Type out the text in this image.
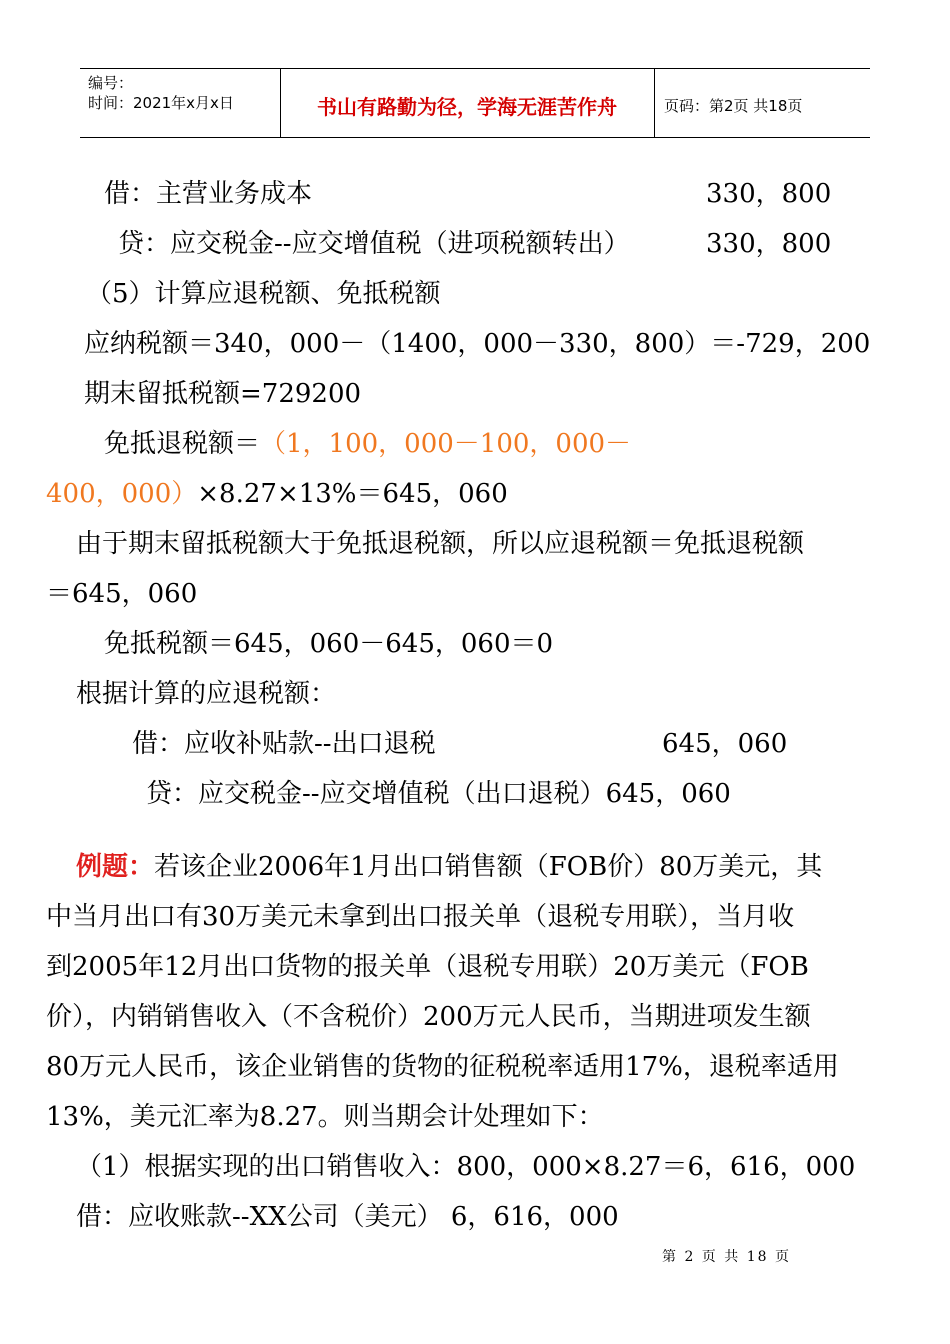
编号：
时间：2021年x月x日	书山有路勤为径，学海无涯苦作舟	页码：第2页 共18页
借：主营业务成本	330，800
贷：应交税金--应交增值税（进项税额转出）	330，800
（5）计算应退税额、免抵税额
应纳税额＝340，000－（1400，000－330，800）＝-729，200
期末留抵税额=729200
免抵退税额＝（1，100，000－100，000－
400，000）×8.27×13%＝645，060
由于期末留抵税额大于免抵退税额，所以应退税额＝免抵退税额
＝645，060
免抵税额＝645，060－645，060＝0
根据计算的应退税额：
借：应收补贴款--出口退税	645，060
贷：应交税金--应交增值税（出口退税）645，060
例题：若该企业2006年1月出口销售额（FOB价）80万美元，其
中当月出口有30万美元未拿到出口报关单（退税专用联），当月收
到2005年12月出口货物的报关单（退税专用联）20万美元（FOB
价），内销销售收入（不含税价）200万元人民币，当期进项发生额
80万元人民币，该企业销售的货物的征税税率适用17%，退税率适用
13%，美元汇率为8.27。则当期会计处理如下：
（1）根据实现的出口销售收入：800，000×8.27＝6，616，000
借：应收账款--XX公司（美元） 6，616，000
第 2 页 共 18 页
